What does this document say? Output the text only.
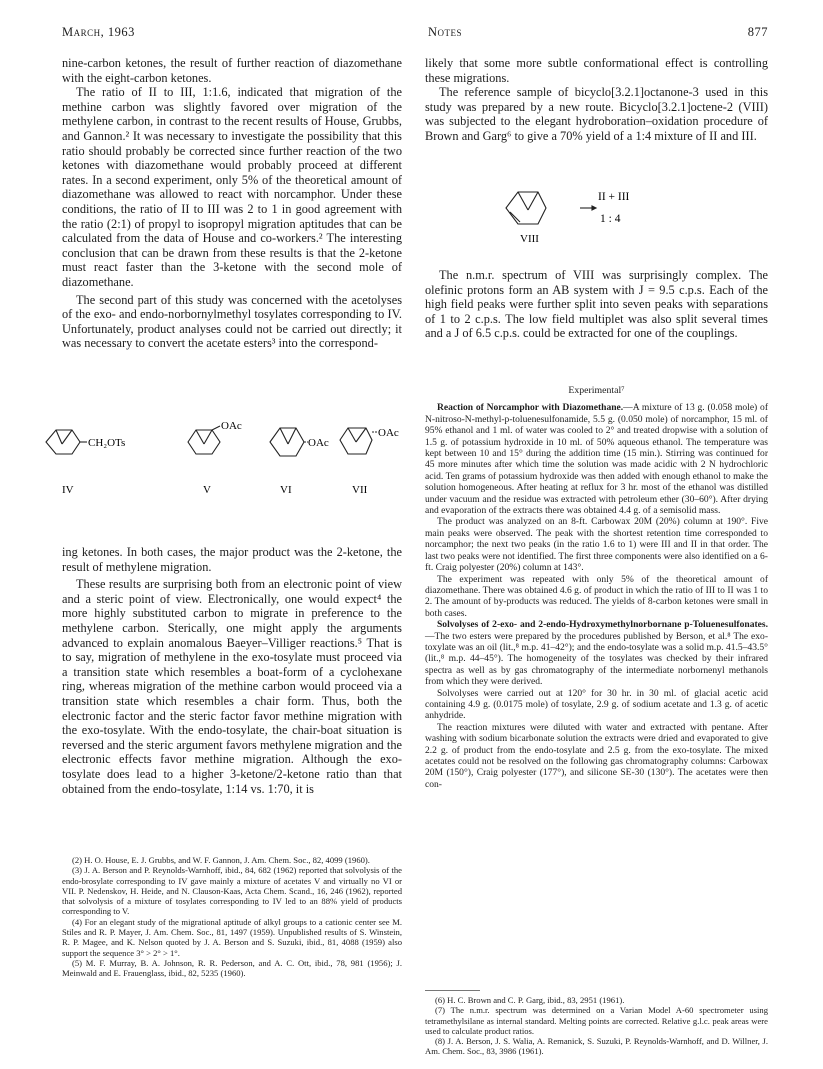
March, 1963	Notes	877

nine-carbon ketones, the result of further reaction of diazomethane with the eight-carbon ketones.

The ratio of II to III, 1:1.6, indicated that migration of the methine carbon was slightly favored over migration of the methylene carbon, in contrast to the recent results of House, Grubbs, and Gannon.² It was necessary to investigate the possibility that this ratio should probably be corrected since further reaction of the two ketones with diazomethane would probably proceed at different rates. In a second experiment, only 5% of the theoretical amount of diazomethane was allowed to react with norcamphor. Under these conditions, the ratio of II to III was 2 to 1 in good agreement with the ratio (2:1) of propyl to isopropyl migration aptitudes that can be calculated from the data of House and co-workers.² The interesting conclusion that can be drawn from these results is that the 2-ketone must react faster than the 3-ketone with the second mole of diazomethane.

The second part of this study was concerned with the acetolyses of the exo- and endo-norbornylmethyl tosylates corresponding to IV. Unfortunately, product analyses could not be carried out directly; it was necessary to convert the acetate esters³ into the correspond-

CH₂OTs
IV
OAc
V
OAc
VI
OAc
VII

ing ketones. In both cases, the major product was the 2-ketone, the result of methylene migration.

These results are surprising both from an electronic point of view and a steric point of view. Electronically, one would expect⁴ the more highly substituted carbon to migrate in preference to the methylene carbon. Sterically, one might apply the arguments advanced to explain anomalous Baeyer–Villiger reactions.⁵ That is to say, migration of methylene in the exo-tosylate must proceed via a transition state which resembles a boat-form of a cyclohexane ring, whereas migration of the methine carbon would proceed via a transition state which resembles a chair form. Thus, both the electronic factor and the steric factor favor methine migration with the exo-tosylate. With the endo-tosylate, the chair-boat situation is reversed and the steric argument favors methylene migration and the electronic effects favor methine migration. Although the exo-tosylate does lead to a higher 3-ketone/2-ketone ratio than that obtained from the endo-tosylate, 1:14 vs. 1:70, it is

(2) H. O. House, E. J. Grubbs, and W. F. Gannon, J. Am. Chem. Soc., 82, 4099 (1960).

(3) J. A. Berson and P. Reynolds-Warnhoff, ibid., 84, 682 (1962) reported that solvolysis of the endo-brosylate corresponding to IV gave mainly a mixture of acetates V and virtually no VI or VII. P. Nedenskov, H. Heide, and N. Clauson-Kaas, Acta Chem. Scand., 16, 246 (1962), reported that solvolysis of a mixture of tosylates corresponding to IV led to an 88% yield of products corresponding to V.

(4) For an elegant study of the migrational aptitude of alkyl groups to a cationic center see M. Stiles and R. P. Mayer, J. Am. Chem. Soc., 81, 1497 (1959). Unpublished results of S. Winstein, R. P. Magee, and K. Nelson quoted by J. A. Berson and S. Suzuki, ibid., 81, 4088 (1959) also support the sequence 3° > 2° > 1°.

(5) M. F. Murray, B. A. Johnson, R. R. Pederson, and A. C. Ott, ibid., 78, 981 (1956); J. Meinwald and E. Frauenglass, ibid., 82, 5235 (1960).

likely that some more subtle conformational effect is controlling these migrations.

The reference sample of bicyclo[3.2.1]octanone-3 used in this study was prepared by a new route. Bicyclo[3.2.1]octene-2 (VIII) was subjected to the elegant hydroboration–oxidation procedure of Brown and Garg⁶ to give a 70% yield of a 1:4 mixture of II and III.

II + III
1 : 4
VIII

The n.m.r. spectrum of VIII was surprisingly complex. The olefinic protons form an AB system with J = 9.5 c.p.s. Each of the high field peaks were further split into seven peaks with separations of 1 to 2 c.p.s. The low field multiplet was also split several times and a J of 6.5 c.p.s. could be extracted for one of the couplings.

Experimental⁷

Reaction of Norcamphor with Diazomethane.—A mixture of 13 g. (0.058 mole) of N-nitroso-N-methyl-p-toluenesulfonamide, 5.5 g. (0.050 mole) of norcamphor, 15 ml. of 95% ethanol and 1 ml. of water was cooled to 2° and treated dropwise with a solution of 1.5 g. of potassium hydroxide in 10 ml. of 50% aqueous ethanol. The temperature was kept between 10 and 15° during the addition time (15 min.). Stirring was continued for 45 more minutes after which time the solution was made acidic with 2 N hydrochloric acid. Ten grams of potassium hydroxide was then added with enough ethanol to make the solution homogeneous. After heating at reflux for 3 hr. most of the ethanol was distilled under vacuum and the residue was extracted with petroleum ether (30–60°). After drying and evaporation of the extracts there was obtained 4.4 g. of a semisolid mass.

The product was analyzed on an 8-ft. Carbowax 20M (20%) column at 190°. Five main peaks were observed. The peak with the shortest retention time corresponded to norcamphor; the next two peaks (in the ratio 1.6 to 1) were III and II in that order. The last two peaks were not identified. The first three components were also identified on a 6-ft. Craig polyester (20%) column at 143°.

The experiment was repeated with only 5% of the theoretical amount of diazomethane. There was obtained 4.6 g. of product in which the ratio of III to II was 1 to 2. The amount of by-products was reduced. The yields of 8-carbon ketones were small in both cases.

Solvolyses of 2-exo- and 2-endo-Hydroxymethylnorbornane p-Toluenesulfonates.—The two esters were prepared by the procedures published by Berson, et al.⁸ The exo-toxylate was an oil (lit.,⁸ m.p. 41–42°); and the endo-tosylate was a solid m.p. 41.5–43.5° (lit.,⁸ m.p. 44–45°). The homogeneity of the tosylates was checked by their infrared spectra as well as by gas chromatography of the intermediate norbornenyl methanols from which they were derived.

Solvolyses were carried out at 120° for 30 hr. in 30 ml. of glacial acetic acid containing 4.9 g. (0.0175 mole) of tosylate, 2.9 g. of sodium acetate and 1.3 g. of acetic anhydride.

The reaction mixtures were diluted with water and extracted with pentane. After washing with sodium bicarbonate solution the extracts were dried and evaporated to give 2.2 g. of product from the endo-tosylate and 2.5 g. from the exo-tosylate. The mixed acetates could not be resolved on the following gas chromatography columns: Carbowax 20M (150°), Craig polyester (177°), and silicone SE-30 (130°). The acetates were then con-

(6) H. C. Brown and C. P. Garg, ibid., 83, 2951 (1961).

(7) The n.m.r. spectrum was determined on a Varian Model A-60 spectrometer using tetramethylsilane as internal standard. Melting points are corrected. Relative g.l.c. peak areas were used to calculate product ratios.

(8) J. A. Berson, J. S. Walia, A. Remanick, S. Suzuki, P. Reynolds-Warnhoff, and D. Willner, J. Am. Chem. Soc., 83, 3986 (1961).
